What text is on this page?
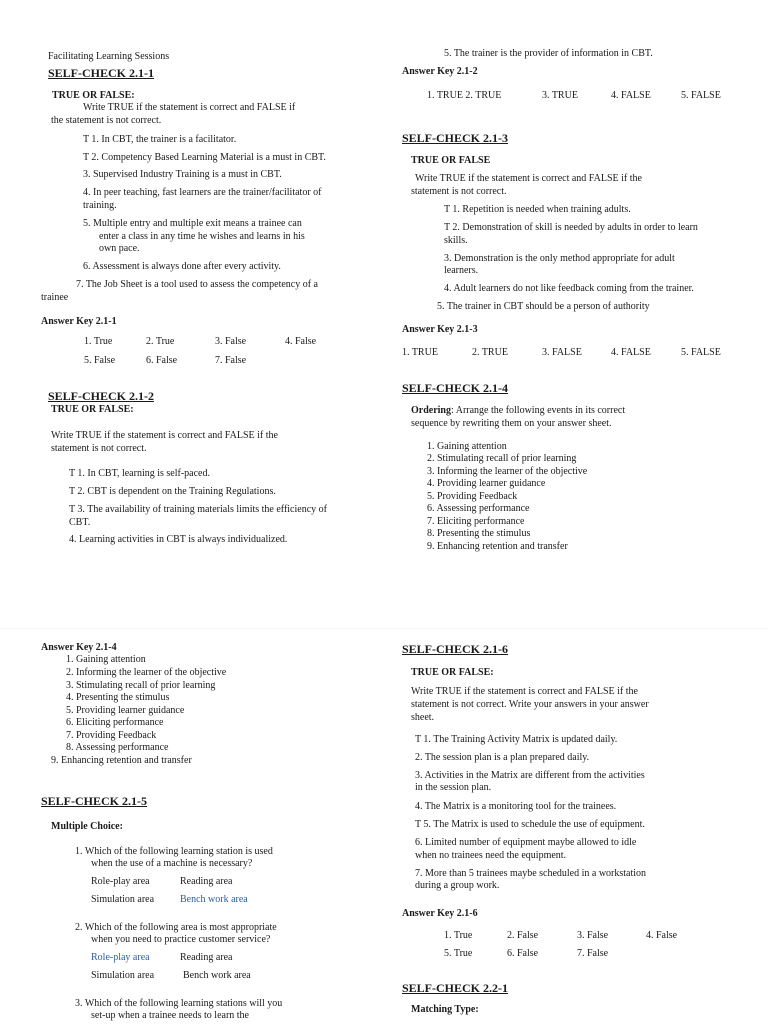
Facilitating Learning Sessions
SELF-CHECK 2.1-1
TRUE OR FALSE:
Write TRUE if the statement is correct and FALSE if
the statement is not correct.
T 1. In CBT, the trainer is a facilitator.
T 2. Competency Based Learning Material is a must in CBT.
3. Supervised Industry Training is a must in CBT.
4. In peer teaching, fast learners are the trainer/facilitator of
training.
5. Multiple entry and multiple exit means a trainee can
enter a class in any time he wishes and learns in his
own pace.
6. Assessment is always done after every activity.
7. The Job Sheet is a tool used to assess the competency of a
trainee
Answer Key 2.1-1
1. True	2. True	3. False	4. False
5. False	6. False	7. False
SELF-CHECK 2.1-2
TRUE OR FALSE:
Write TRUE if the statement is correct and FALSE if the
statement is not correct.
T 1. In CBT, learning is self-paced.
T 2. CBT is dependent on the Training Regulations.
T 3. The availability of training materials limits the efficiency of
CBT.
4. Learning activities in CBT is always individualized.
5. The trainer is the provider of information in CBT.
Answer Key 2.1-2
1. TRUE 2. TRUE	3. TRUE	4. FALSE	5. FALSE
SELF-CHECK 2.1-3
TRUE OR FALSE
Write TRUE if the statement is correct and FALSE if the
statement is not correct.
T 1. Repetition is needed when training adults.
T 2. Demonstration of skill is needed by adults in order to learn
skills.
3. Demonstration is the only method appropriate for adult
learners.
4. Adult learners do not like feedback coming from the trainer.
5. The trainer in CBT should be a person of authority
Answer Key 2.1-3
1. TRUE	2. TRUE	3. FALSE	4. FALSE	5. FALSE
SELF-CHECK 2.1-4
Ordering: Arrange the following events in its correct
sequence by rewriting them on your answer sheet.
1. Gaining attention
2. Stimulating recall of prior learning
3. Informing the learner of the objective
4. Providing learner guidance
5. Providing Feedback
6. Assessing performance
7. Eliciting performance
8. Presenting the stimulus
9. Enhancing retention and transfer
Answer Key 2.1-4
1. Gaining attention
2. Informing the learner of the objective
3. Stimulating recall of prior learning
4. Presenting the stimulus
5. Providing learner guidance
6. Eliciting performance
7. Providing Feedback
8. Assessing performance
9. Enhancing retention and transfer
SELF-CHECK 2.1-5
Multiple Choice:
1. Which of the following learning station is used
when the use of a machine is necessary?
Role-play area	Reading area
Simulation area	Bench work area
2. Which of the following area is most appropriate
when you need to practice customer service?
Role-play area	Reading area
Simulation area	Bench work area
3. Which of the following learning stations will you
set-up when a trainee needs to learn the
SELF-CHECK 2.1-6
TRUE OR FALSE:
Write TRUE if the statement is correct and FALSE if the
statement is not correct. Write your answers in your answer
sheet.
T 1. The Training Activity Matrix is updated daily.
2. The session plan is a plan prepared daily.
3. Activities in the Matrix are different from the activities
in the session plan.
4. The Matrix is a monitoring tool for the trainees.
T 5. The Matrix is used to schedule the use of equipment.
6. Limited number of equipment maybe allowed to idle
when no trainees need the equipment.
7. More than 5 trainees maybe scheduled in a workstation
during a group work.
Answer Key 2.1-6
1. True	2. False	3. False	4. False
5. True	6. False	7. False
SELF-CHECK 2.2-1
Matching Type:
